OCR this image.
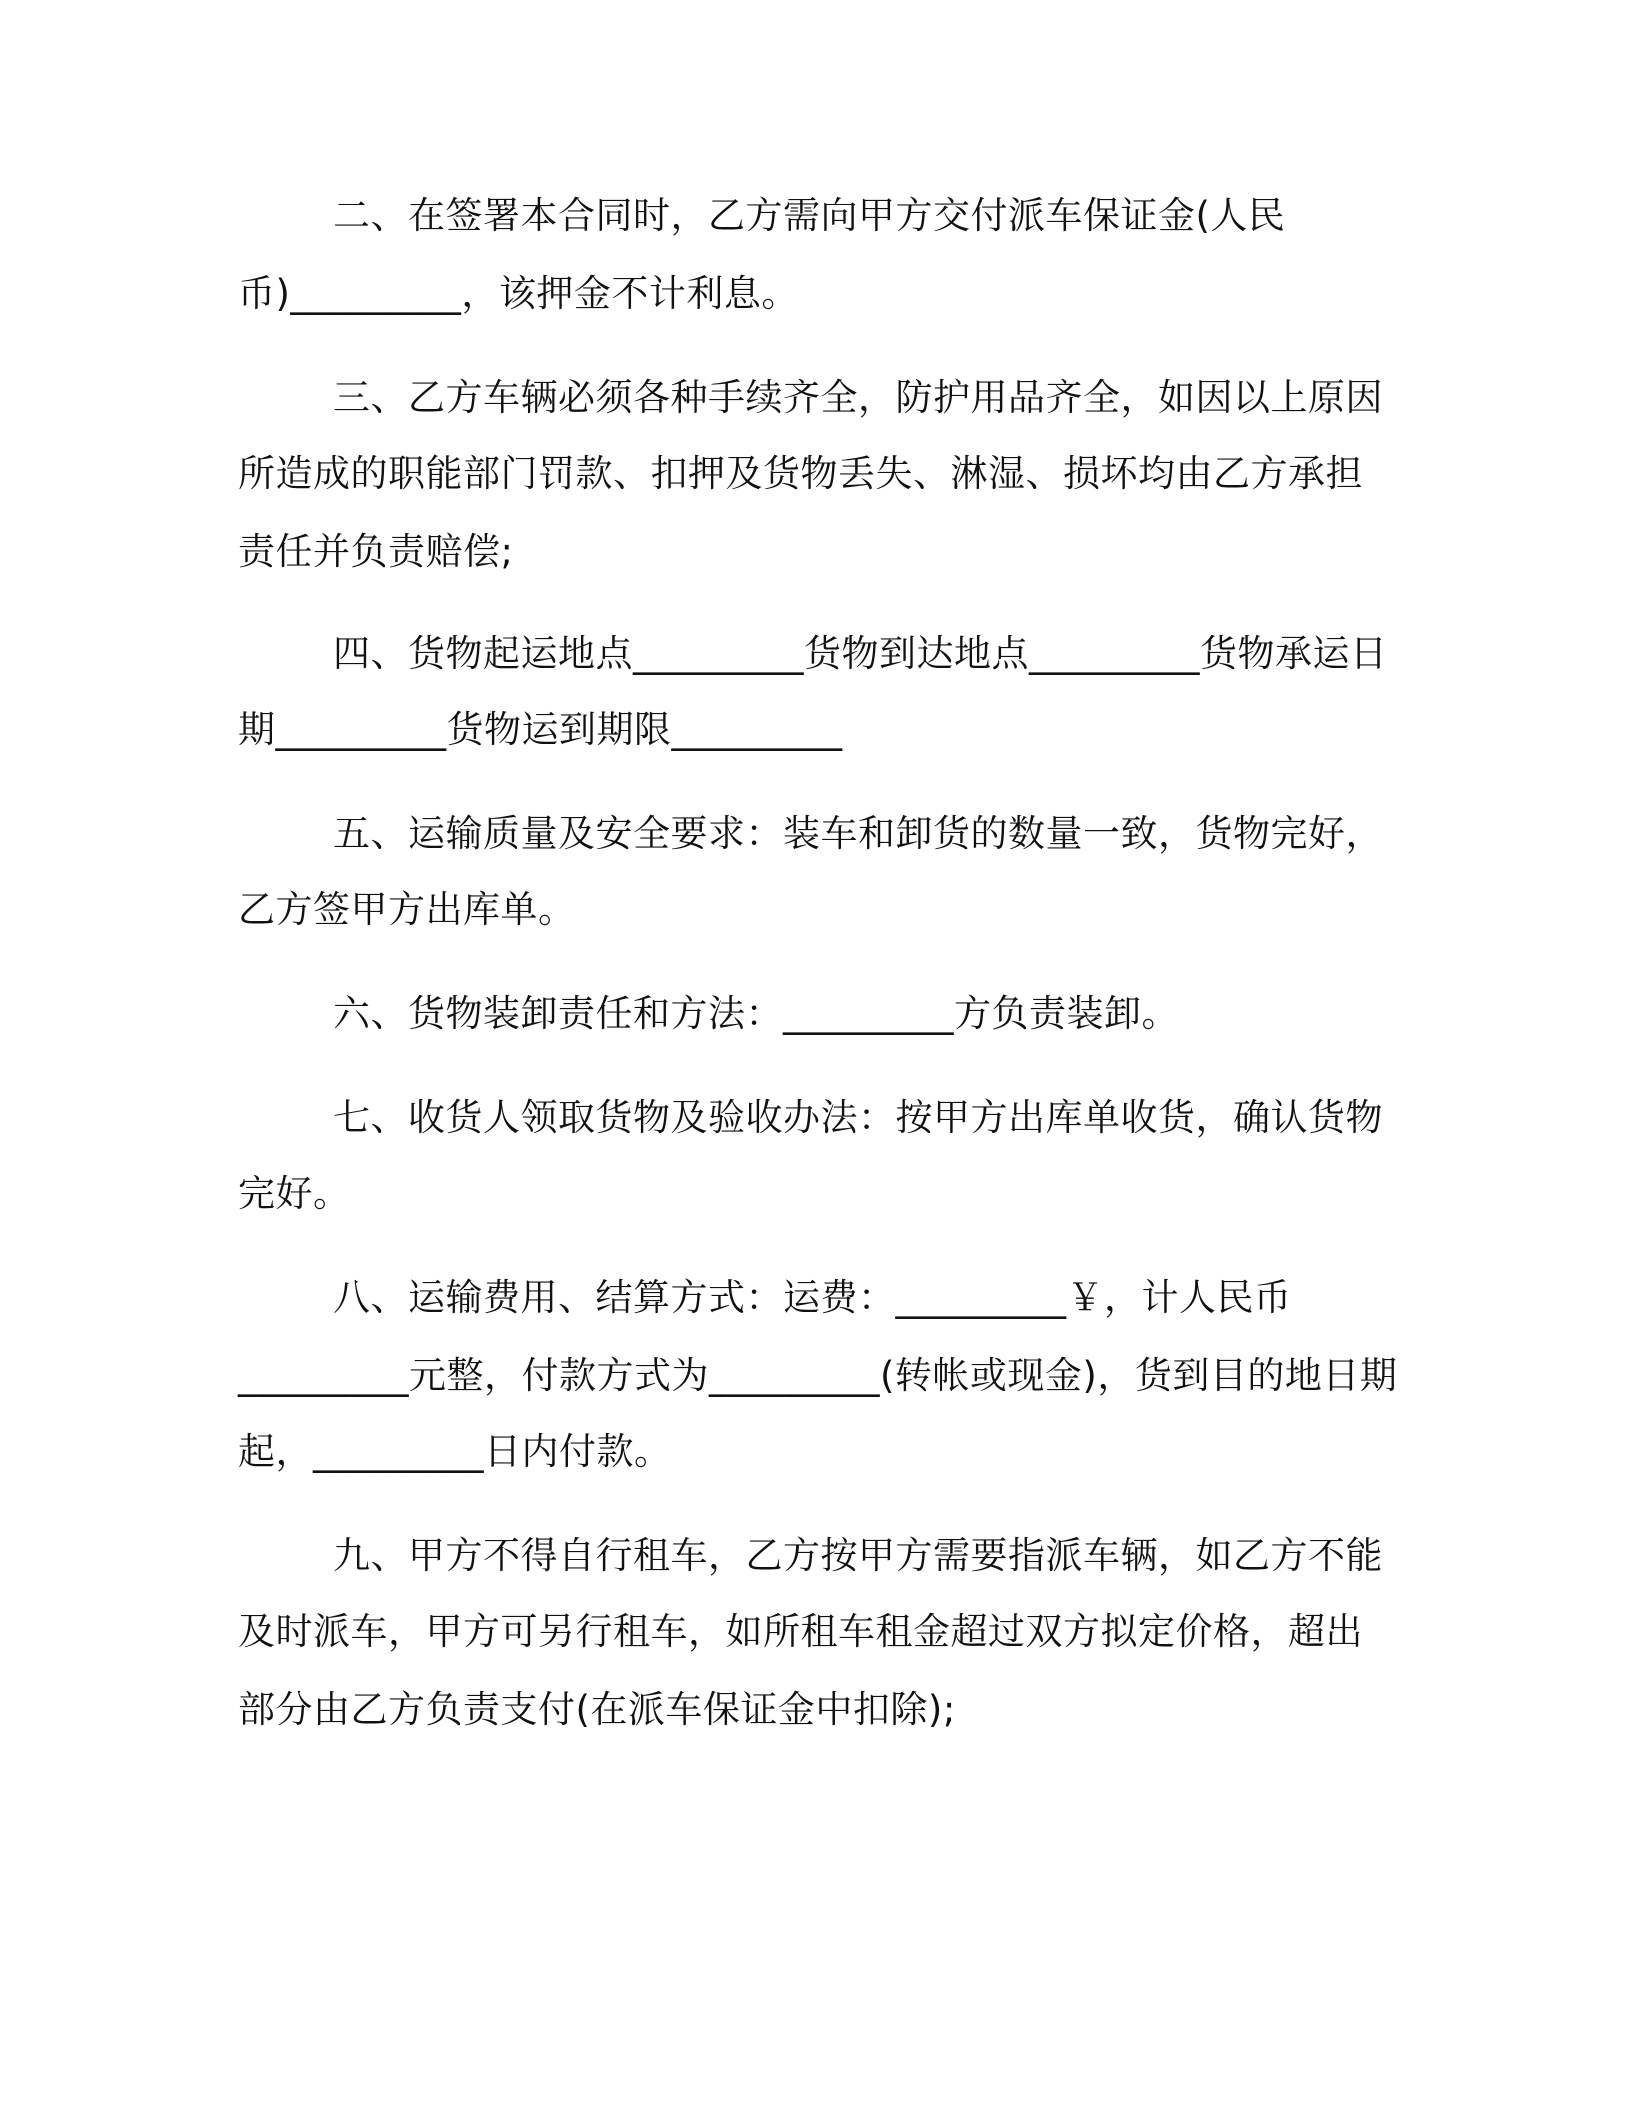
二、在签署本合同时，乙方需向甲方交付派车保证金(人民

币)_________，该押金不计利息。

三、乙方车辆必须各种手续齐全，防护用品齐全，如因以上原因

所造成的职能部门罚款、扣押及货物丢失、淋湿、损坏均由乙方承担

责任并负责赔偿;

四、货物起运地点_________货物到达地点_________货物承运日

期_________货物运到期限_________

五、运输质量及安全要求：装车和卸货的数量一致，货物完好，

乙方签甲方出库单。

六、货物装卸责任和方法：_________方负责装卸。

七、收货人领取货物及验收办法：按甲方出库单收货，确认货物

完好。

八、运输费用、结算方式：运费：_________￥，计人民币

_________元整，付款方式为_________(转帐或现金)，货到目的地日期

起，_________日内付款。

九、甲方不得自行租车，乙方按甲方需要指派车辆，如乙方不能

及时派车，甲方可另行租车，如所租车租金超过双方拟定价格，超出

部分由乙方负责支付(在派车保证金中扣除);
